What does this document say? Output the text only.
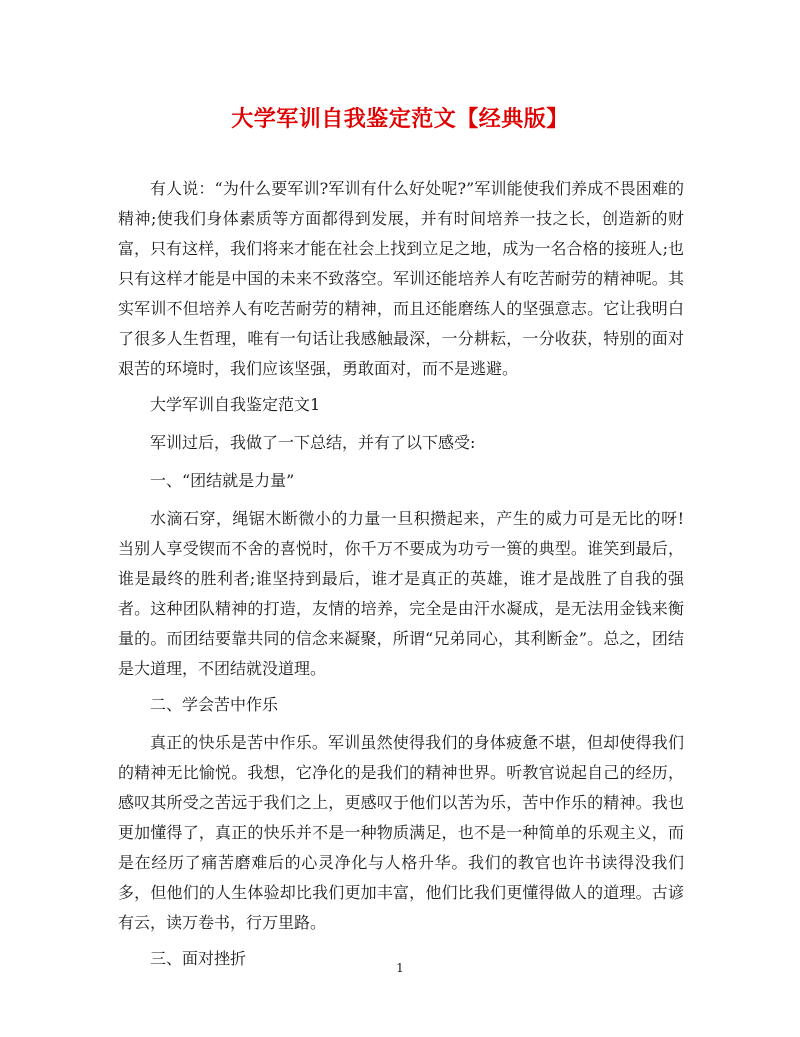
大学军训自我鉴定范文【经典版】

有人说：“为什么要军训?军训有什么好处呢?”军训能使我们养成不畏困难的精神;使我们身体素质等方面都得到发展，并有时间培养一技之长，创造新的财富，只有这样，我们将来才能在社会上找到立足之地，成为一名合格的接班人;也只有这样才能是中国的未来不致落空。军训还能培养人有吃苦耐劳的精神呢。其实军训不但培养人有吃苦耐劳的精神，而且还能磨练人的坚强意志。它让我明白了很多人生哲理，唯有一句话让我感触最深，一分耕耘，一分收获，特别的面对艰苦的环境时，我们应该坚强，勇敢面对，而不是逃避。

大学军训自我鉴定范文1

军训过后，我做了一下总结，并有了以下感受:

一、“团结就是力量”

水滴石穿，绳锯木断微小的力量一旦积攒起来，产生的威力可是无比的呀!当别人享受锲而不舍的喜悦时，你千万不要成为功亏一篑的典型。谁笑到最后，谁是最终的胜利者;谁坚持到最后，谁才是真正的英雄，谁才是战胜了自我的强者。这种团队精神的打造，友情的培养，完全是由汗水凝成，是无法用金钱来衡量的。而团结要靠共同的信念来凝聚，所谓“兄弟同心，其利断金”。总之，团结是大道理，不团结就没道理。

二、学会苦中作乐

真正的快乐是苦中作乐。军训虽然使得我们的身体疲惫不堪，但却使得我们的精神无比愉悦。我想，它净化的是我们的精神世界。听教官说起自己的经历，感叹其所受之苦远于我们之上，更感叹于他们以苦为乐，苦中作乐的精神。我也更加懂得了，真正的快乐并不是一种物质满足，也不是一种简单的乐观主义，而是在经历了痛苦磨难后的心灵净化与人格升华。我们的教官也许书读得没我们多，但他们的人生体验却比我们更加丰富，他们比我们更懂得做人的道理。古谚有云，读万卷书，行万里路。

三、面对挫折	1
